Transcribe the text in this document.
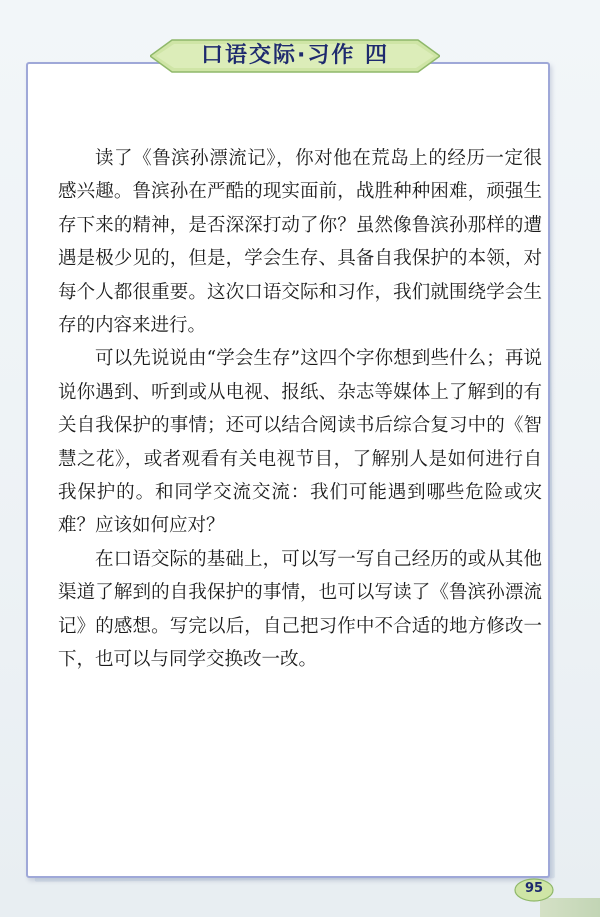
口语交际·习作 四

读了《鲁滨孙漂流记》，你对他在荒岛上的经历一定很感兴趣。鲁滨孙在严酷的现实面前，战胜种种困难，顽强生存下来的精神，是否深深打动了你？虽然像鲁滨孙那样的遭遇是极少见的，但是，学会生存、具备自我保护的本领，对每个人都很重要。这次口语交际和习作，我们就围绕学会生存的内容来进行。

可以先说说由“学会生存”这四个字你想到些什么；再说说你遇到、听到或从电视、报纸、杂志等媒体上了解到的有关自我保护的事情；还可以结合阅读书后综合复习中的《智慧之花》，或者观看有关电视节目，了解别人是如何进行自我保护的。和同学交流交流：我们可能遇到哪些危险或灾难？应该如何应对？

在口语交际的基础上，可以写一写自己经历的或从其他渠道了解到的自我保护的事情，也可以写读了《鲁滨孙漂流记》的感想。写完以后，自己把习作中不合适的地方修改一下，也可以与同学交换改一改。

95
